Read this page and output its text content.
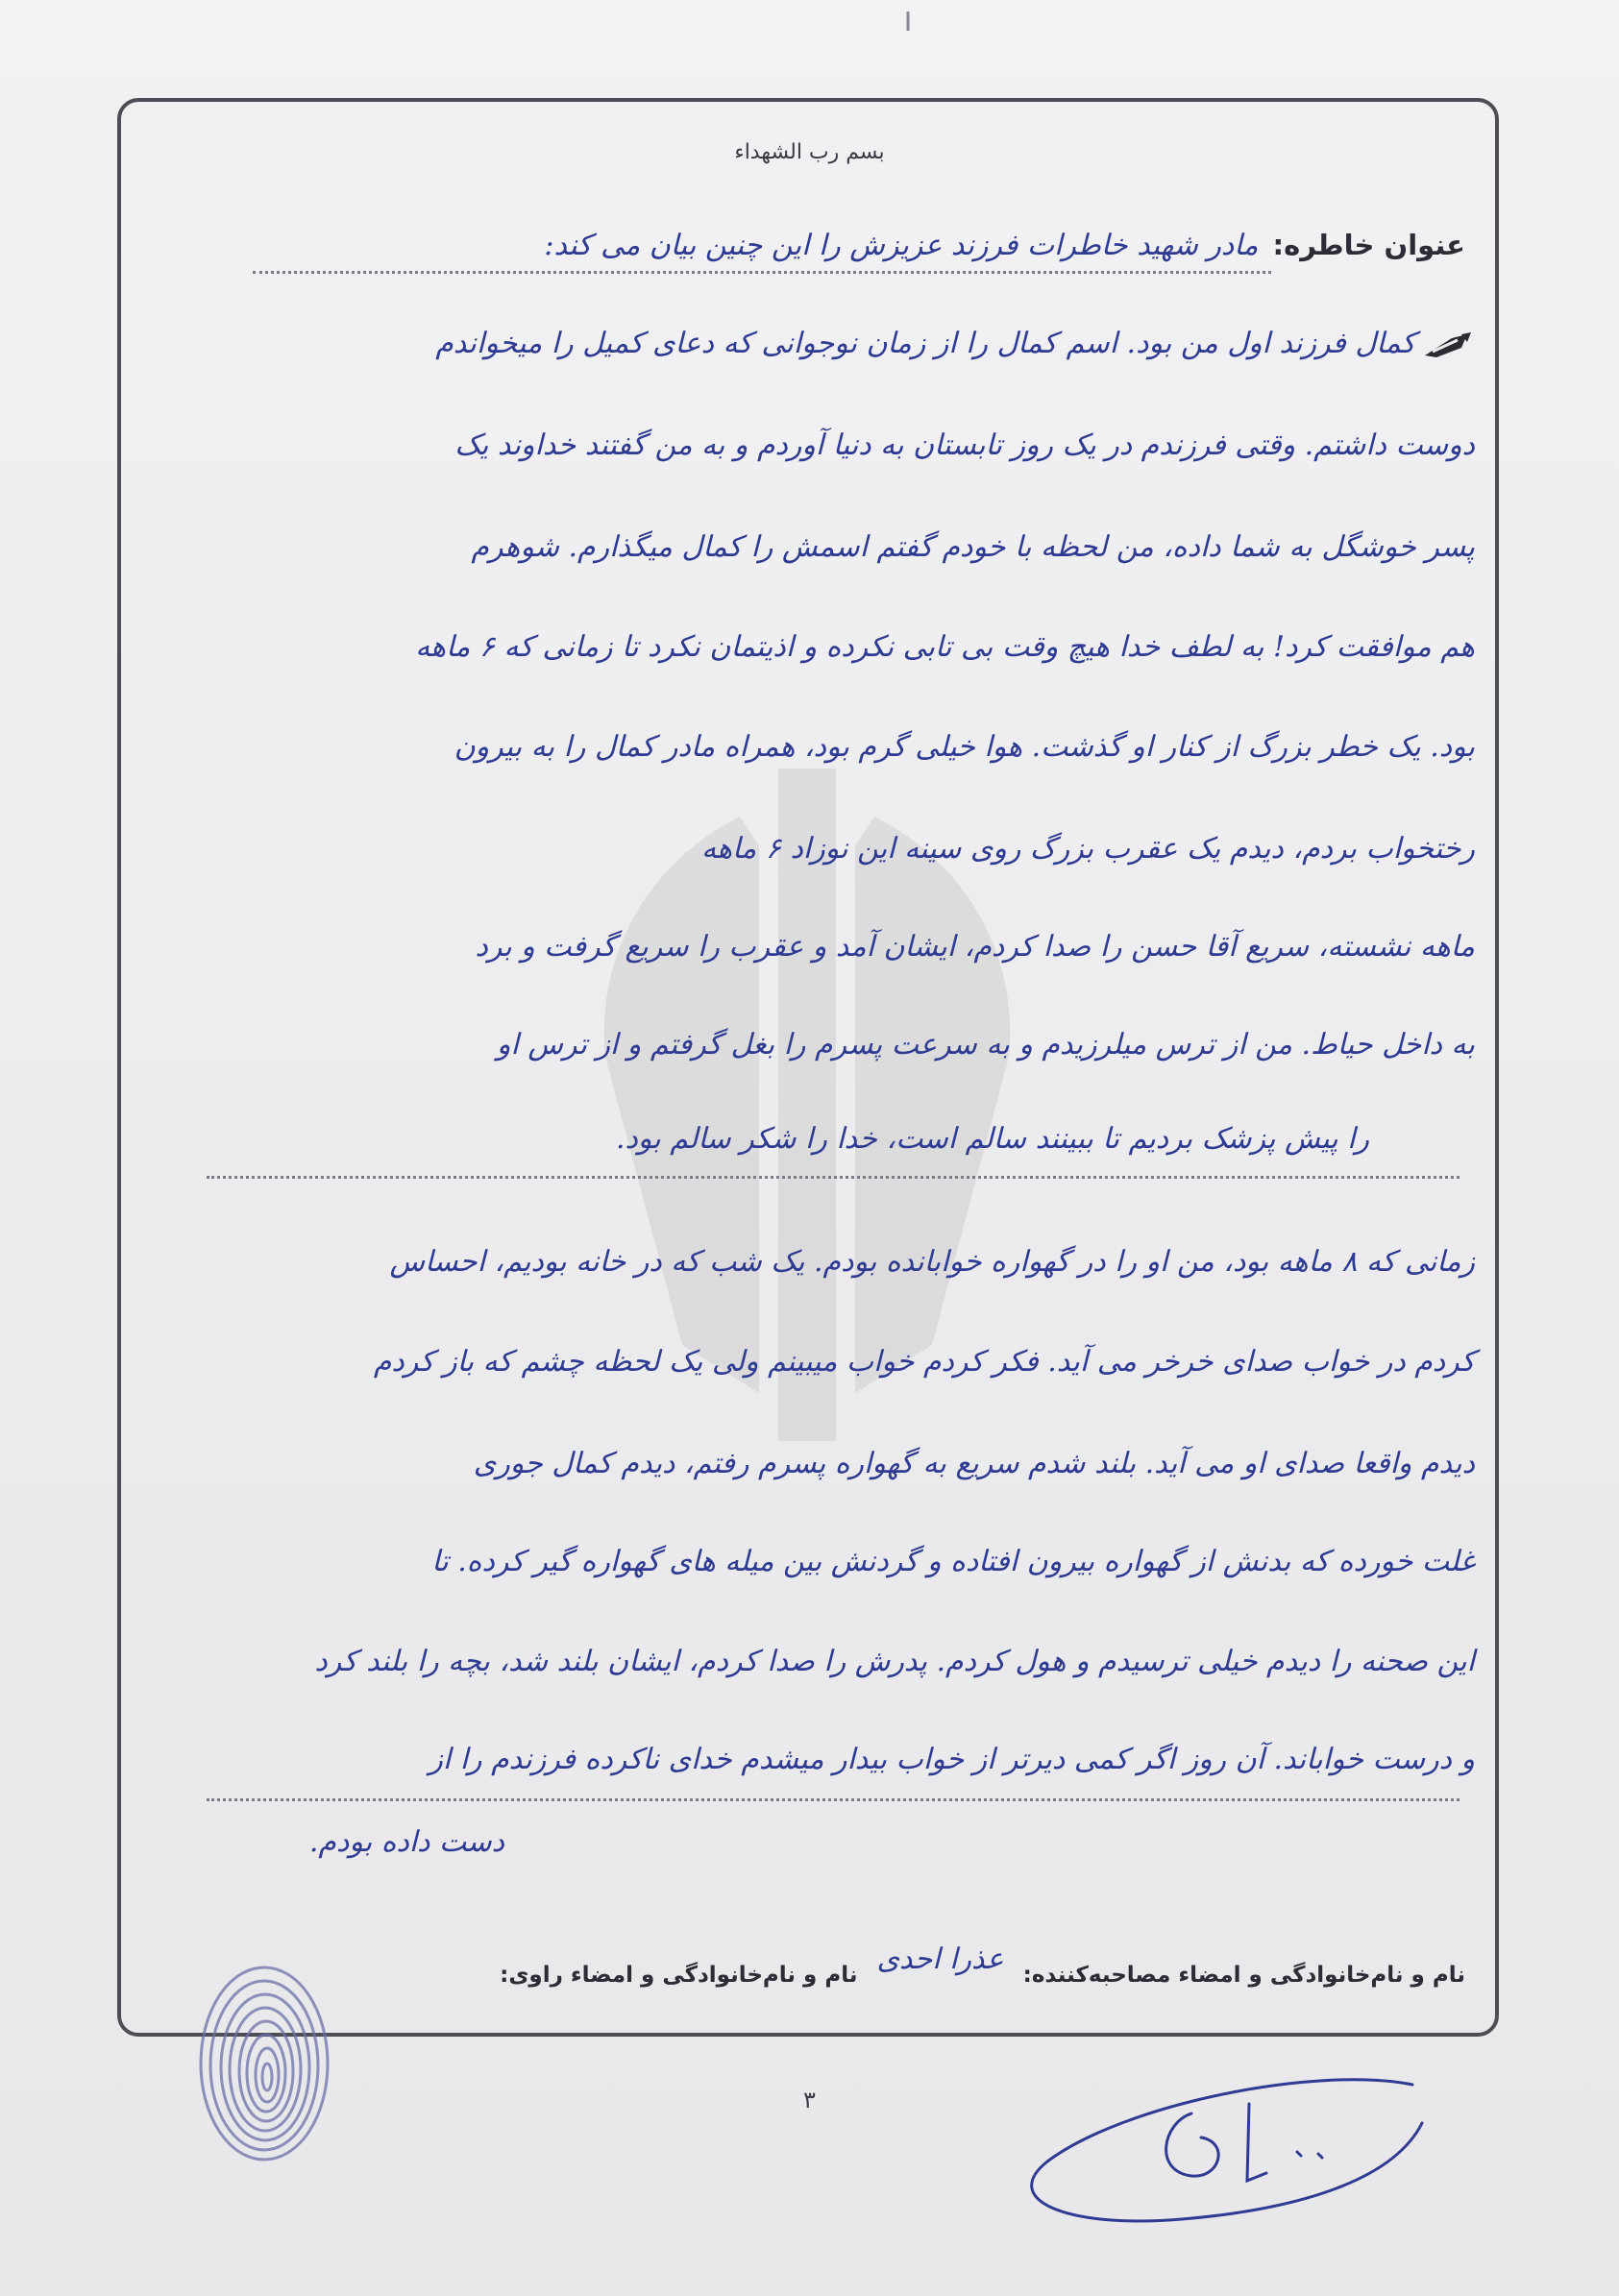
بسم رب الشهداء
عنوان خاطره: مادر شهید خاطرات فرزند عزیزش را این چنین بیان می کند:
کمال فرزند اول من بود. اسم کمال را از زمان نوجوانی که دعای کمیل را میخواندم
دوست داشتم. وقتی فرزندم در یک روز تابستان به دنیا آوردم و به من گفتند خداوند یک
پسر خوشگل به شما داده، من لحظه با خودم گفتم اسمش را کمال میگذارم. شوهرم
هم موافقت کرد! به لطف خدا هیچ وقت بی تابی نکرده و اذیتمان نکرد تا زمانی که ۶ ماهه
بود. یک خطر بزرگ از کنار او گذشت. هوا خیلی گرم بود، همراه مادر کمال را به بیرون
رختخواب بردم، دیدم یک عقرب بزرگ روی سینه این نوزاد ۶ ماهه
ماهه نشسته، سریع آقا حسن را صدا کردم، ایشان آمد و عقرب را سریع گرفت و برد
به داخل حیاط. من از ترس میلرزیدم و به سرعت پسرم را بغل گرفتم و از ترس او
را پیش پزشک بردیم تا ببینند سالم است، خدا را شکر سالم بود.
زمانی که ۸ ماهه بود، من او را در گهواره خوابانده بودم. یک شب که در خانه بودیم، احساس
کردم در خواب صدای خرخر می آید. فکر کردم خواب میبینم ولی یک لحظه چشم که باز کردم
دیدم واقعا صدای او می آید. بلند شدم سریع به گهواره پسرم رفتم، دیدم کمال جوری
غلت خورده که بدنش از گهواره بیرون افتاده و گردنش بین میله های گهواره گیر کرده. تا
این صحنه را دیدم خیلی ترسیدم و هول کردم. پدرش را صدا کردم، ایشان بلند شد، بچه را بلند کرد
و درست خواباند. آن روز اگر کمی دیرتر از خواب بیدار میشدم خدای ناکرده فرزندم را از
دست داده بودم.
نام و نام‌خانوادگی و امضاء مصاحبه‌کننده: عذرا احدی نام و نام‌خانوادگی و امضاء راوی:
۳
